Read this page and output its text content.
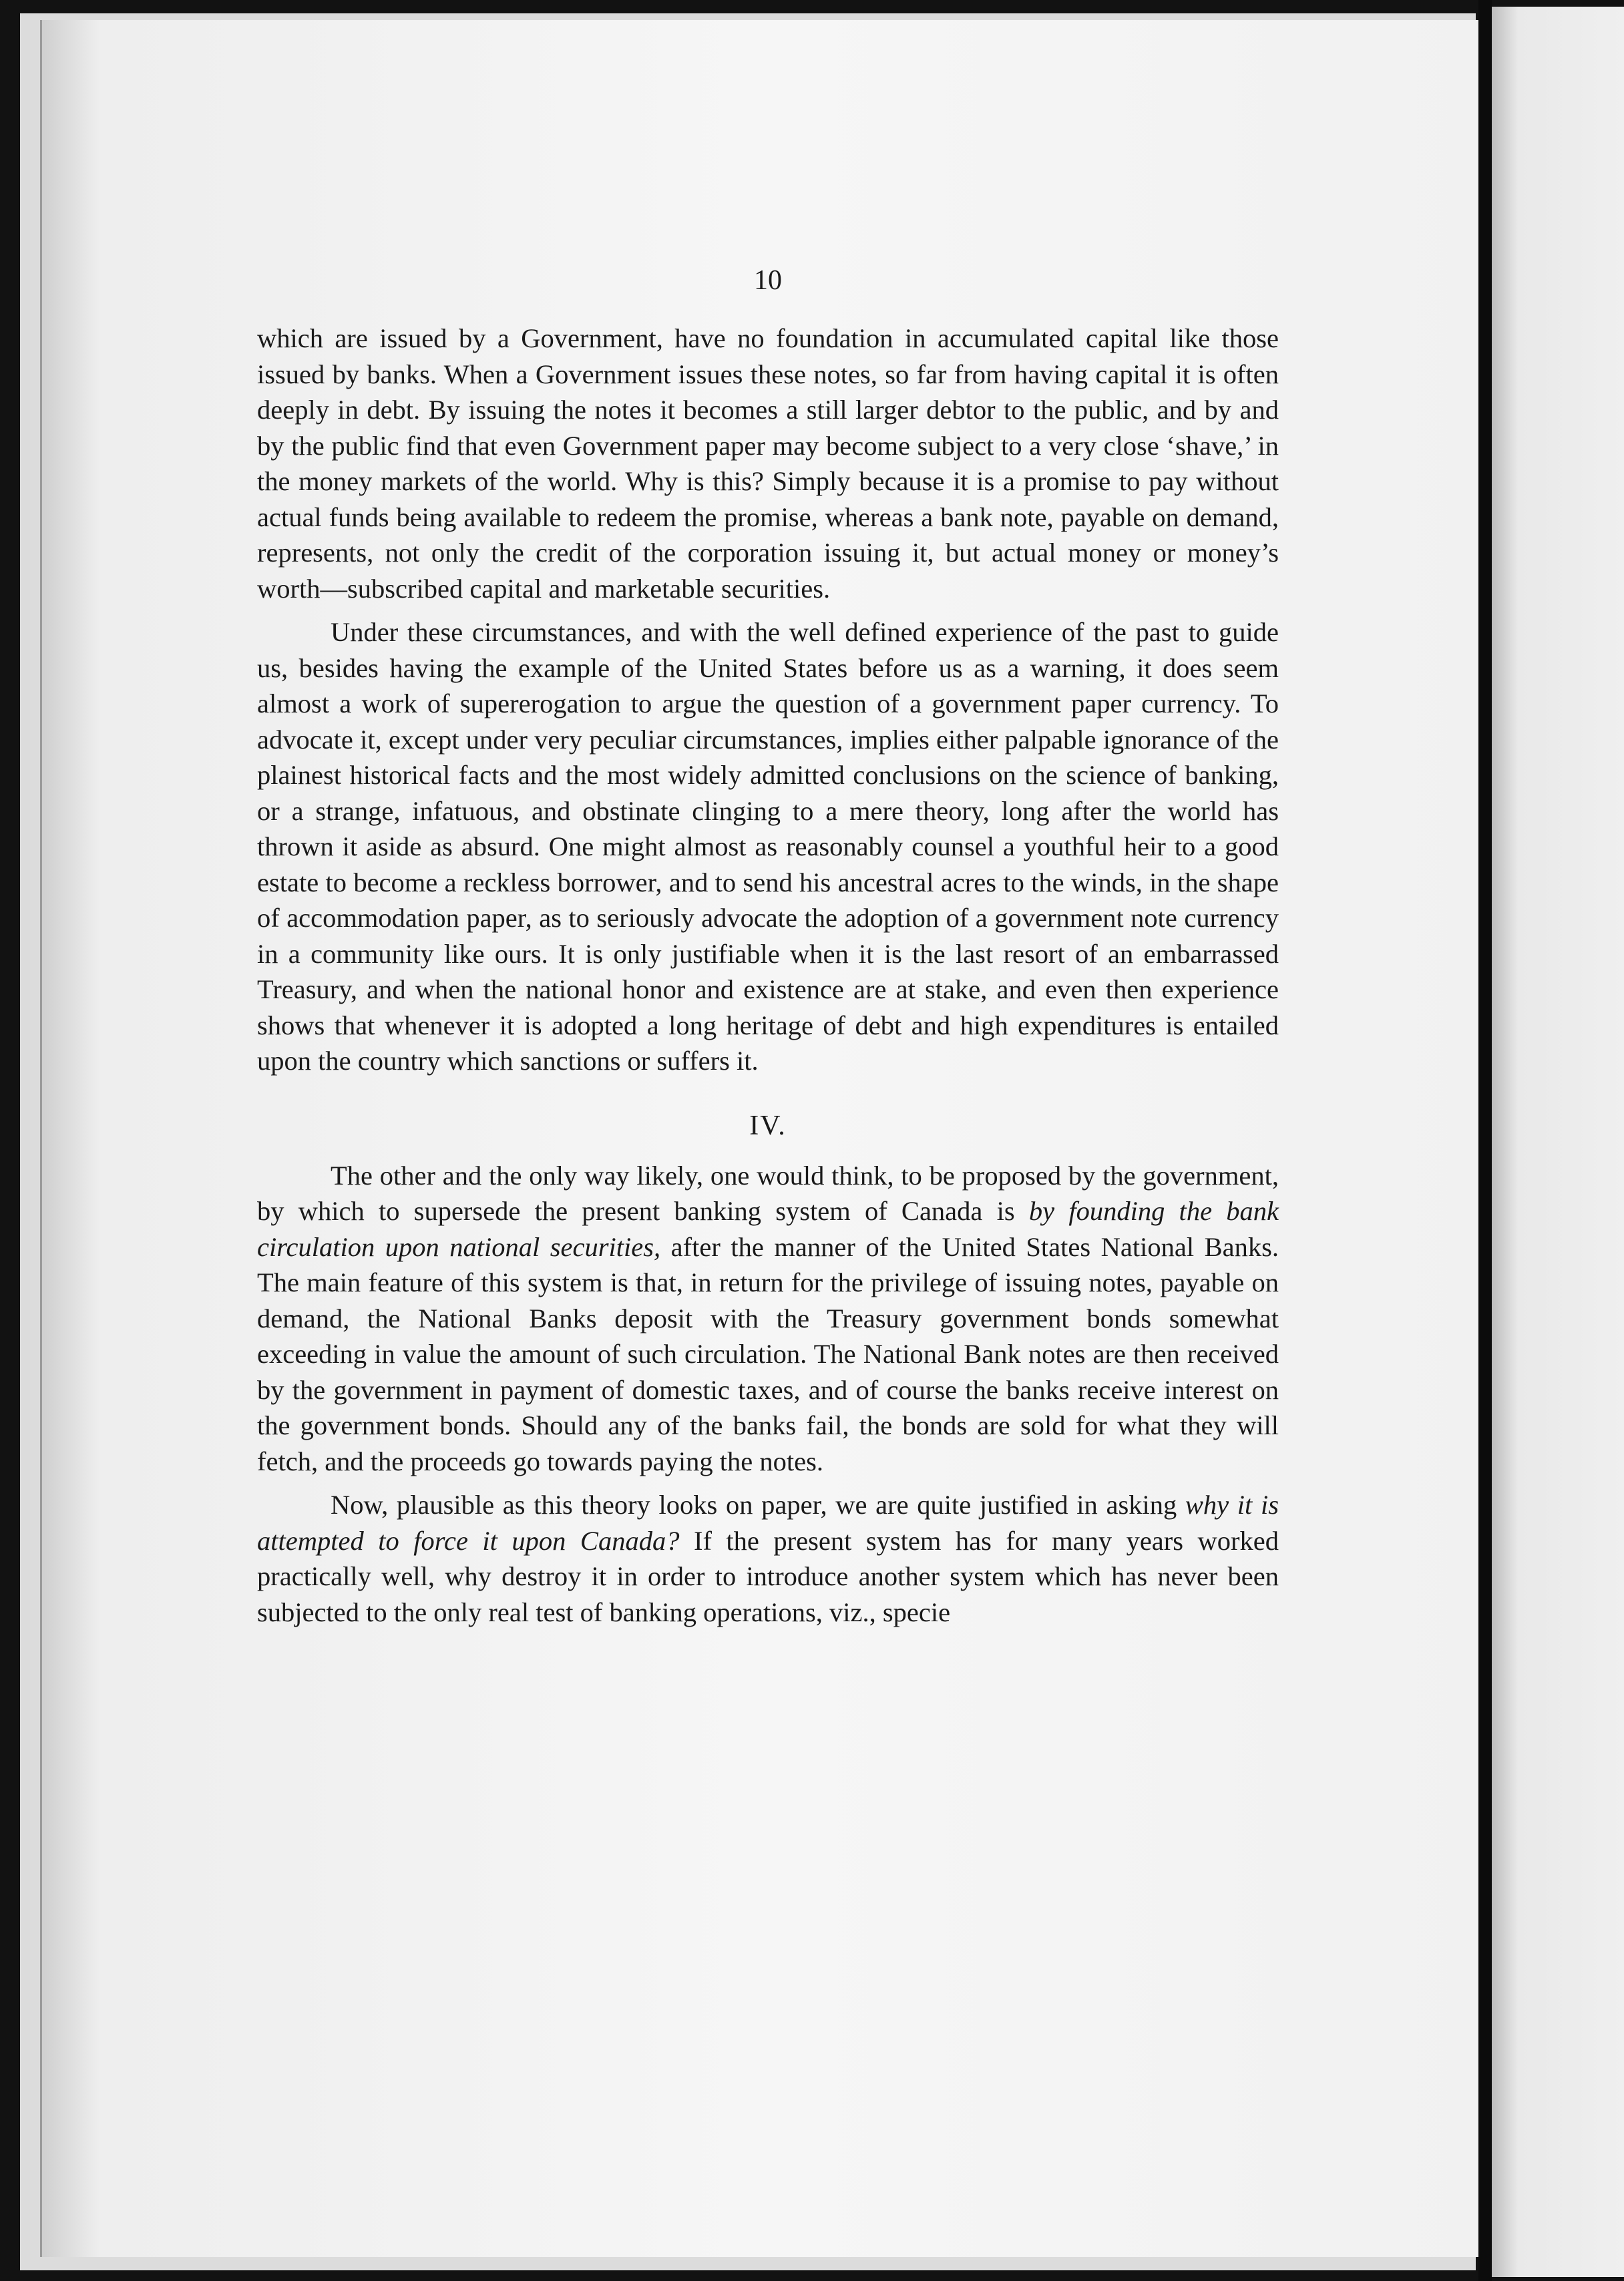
10

which are issued by a Government, have no foundation in accumulated capital like those issued by banks. When a Government issues these notes, so far from having capital it is often deeply in debt. By issuing the notes it becomes a still larger debtor to the public, and by and by the public find that even Government paper may become subject to a very close ‘shave,’ in the money markets of the world. Why is this? Simply because it is a promise to pay without actual funds being available to redeem the promise, whereas a bank note, payable on demand, represents, not only the credit of the corporation issuing it, but actual money or money’s worth—subscribed capital and marketable securities.

Under these circumstances, and with the well defined experience of the past to guide us, besides having the example of the United States before us as a warning, it does seem almost a work of supererogation to argue the question of a government paper currency. To advocate it, except under very peculiar circumstances, implies either palpable ignorance of the plainest historical facts and the most widely admitted conclusions on the science of banking, or a strange, infatuous, and obstinate clinging to a mere theory, long after the world has thrown it aside as absurd. One might almost as reasonably counsel a youthful heir to a good estate to become a reckless borrower, and to send his ancestral acres to the winds, in the shape of accommodation paper, as to seriously advocate the adoption of a government note currency in a community like ours. It is only justifiable when it is the last resort of an embarrassed Treasury, and when the national honor and existence are at stake, and even then experience shows that whenever it is adopted a long heritage of debt and high expenditures is entailed upon the country which sanctions or suffers it.

IV.

The other and the only way likely, one would think, to be proposed by the government, by which to supersede the present banking system of Canada is by founding the bank circulation upon national securities, after the manner of the United States National Banks. The main feature of this system is that, in return for the privilege of issuing notes, payable on demand, the National Banks deposit with the Treasury government bonds somewhat exceeding in value the amount of such circulation. The National Bank notes are then received by the government in payment of domestic taxes, and of course the banks receive interest on the government bonds. Should any of the banks fail, the bonds are sold for what they will fetch, and the proceeds go towards paying the notes.

Now, plausible as this theory looks on paper, we are quite justified in asking why it is attempted to force it upon Canada? If the present system has for many years worked practically well, why destroy it in order to introduce another system which has never been subjected to the only real test of banking operations, viz., specie
